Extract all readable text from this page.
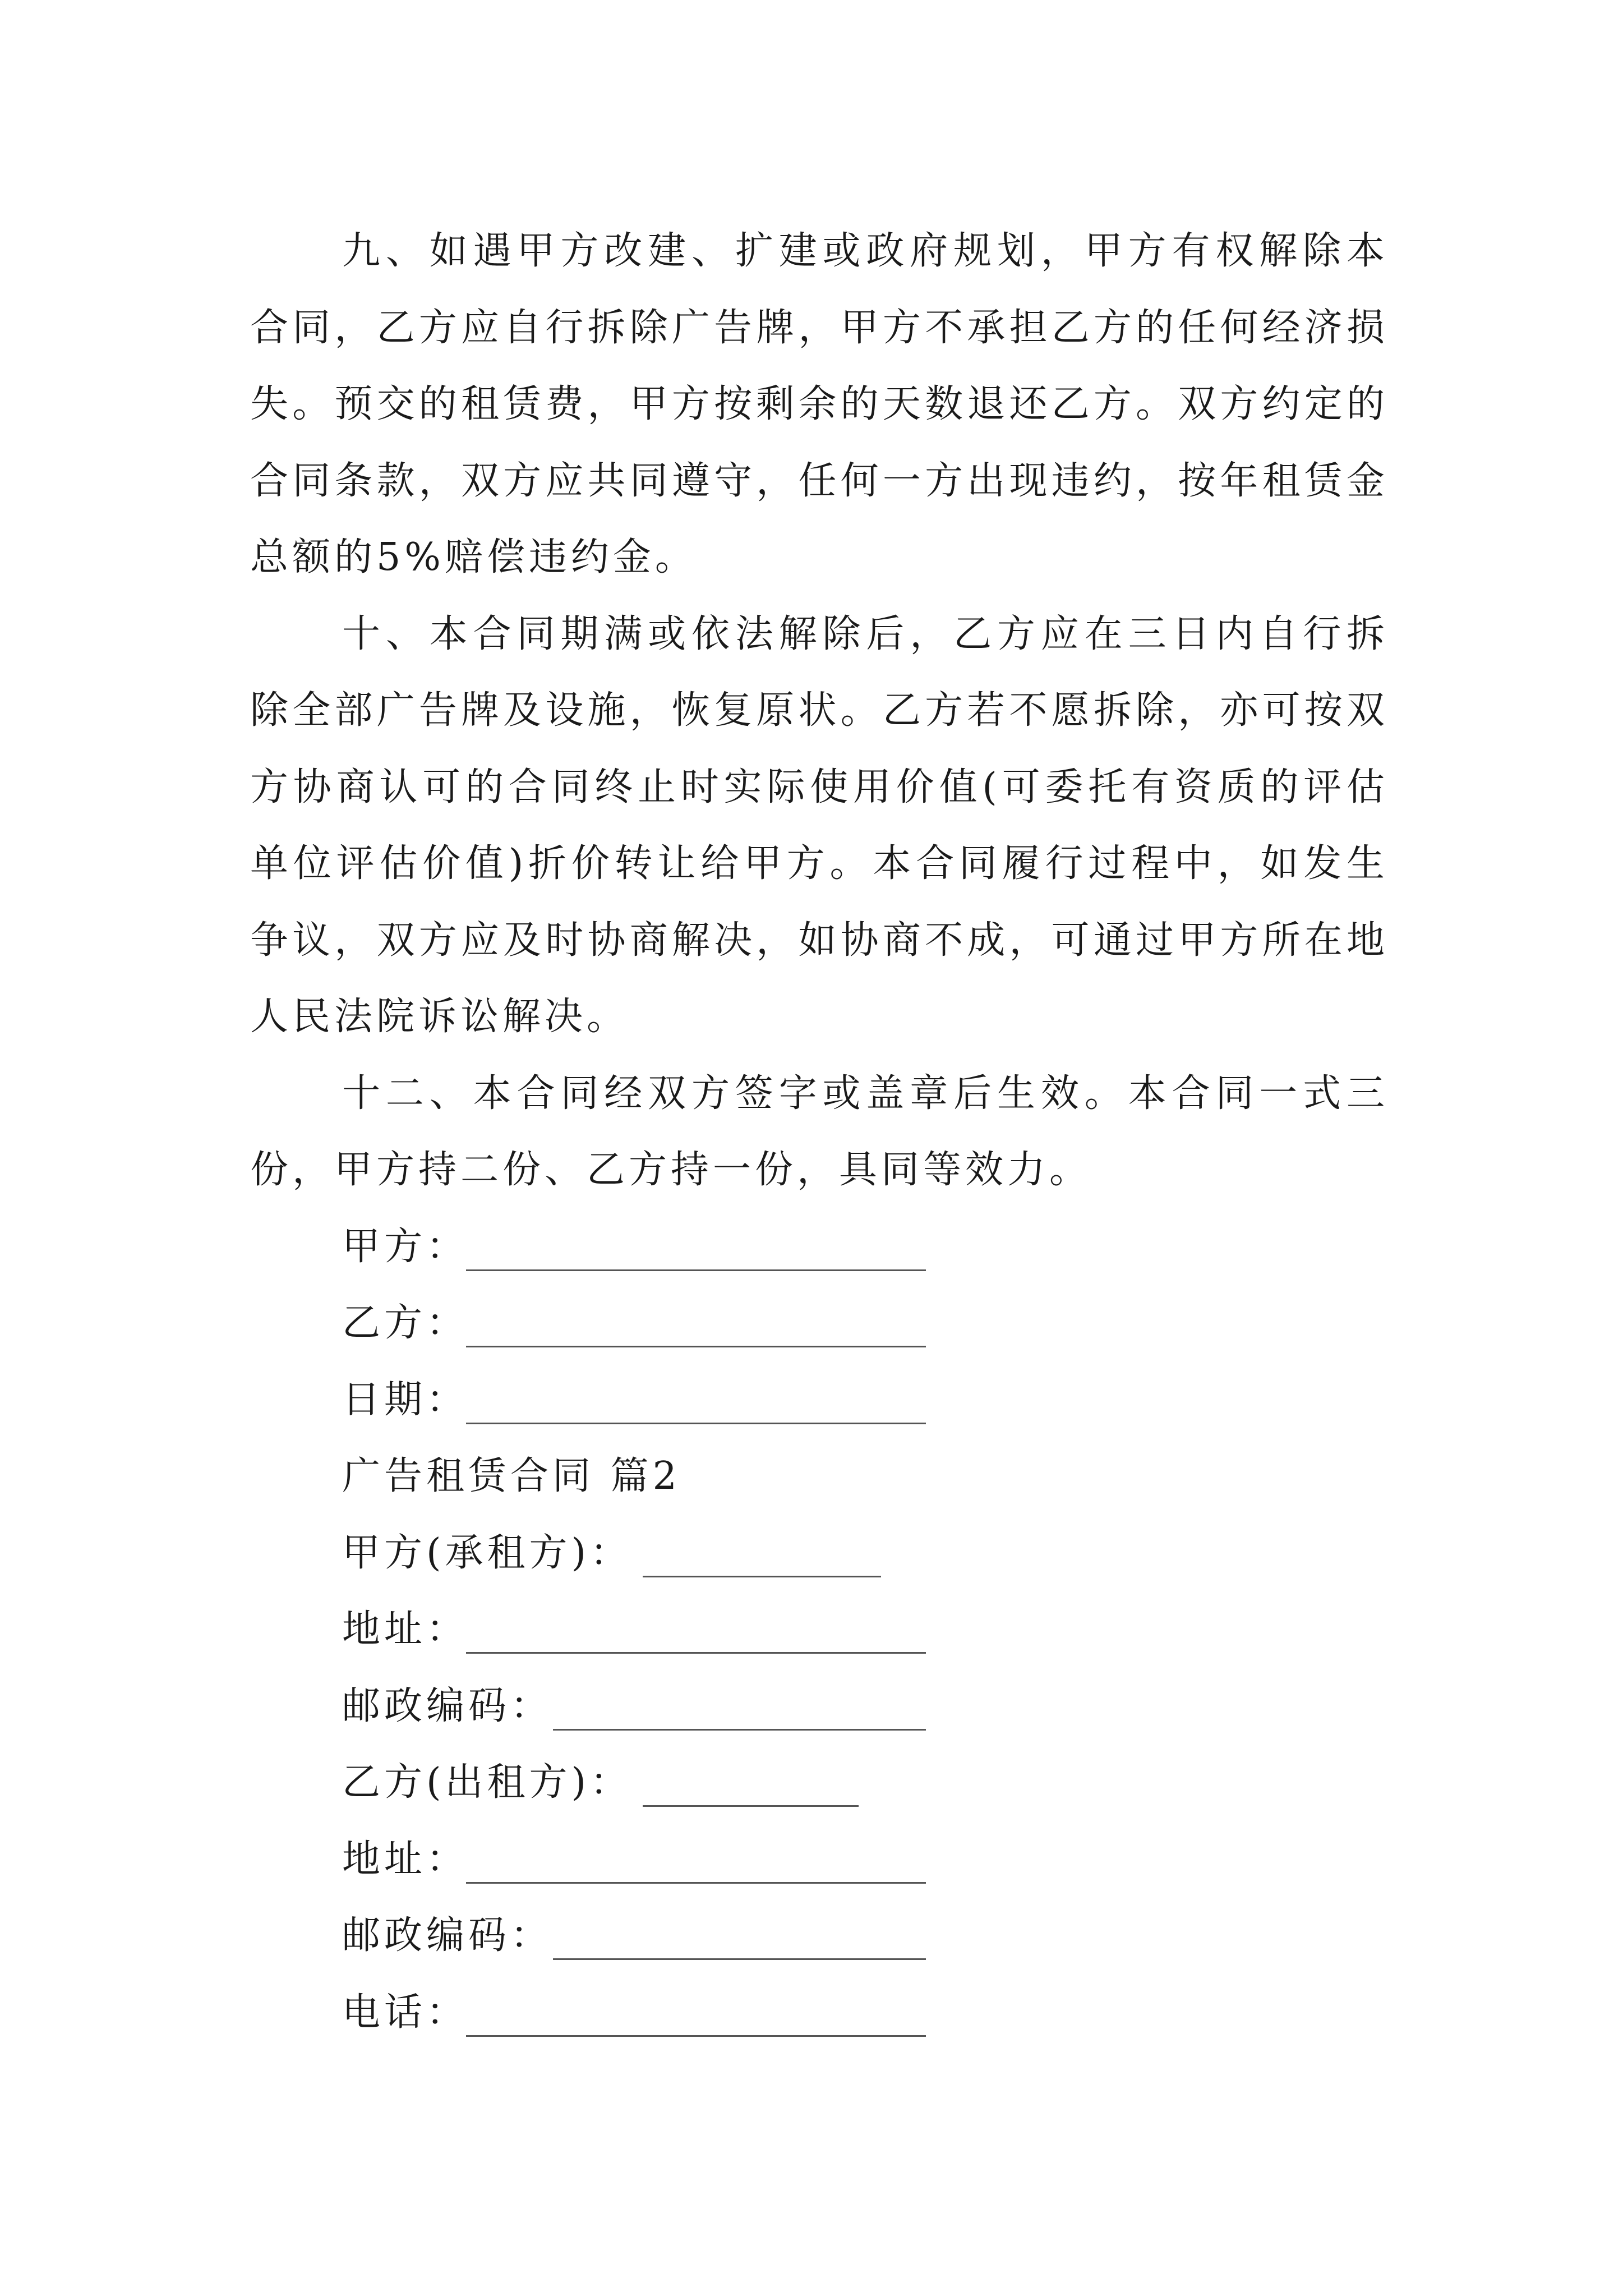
九、如遇甲方改建、扩建或政府规划，甲方有权解除本合同，乙方应自行拆除广告牌，甲方不承担乙方的任何经济损失。预交的租赁费，甲方按剩余的天数退还乙方。双方约定的合同条款，双方应共同遵守，任何一方出现违约，按年租赁金总额的5%赔偿违约金。

十、本合同期满或依法解除后，乙方应在三日内自行拆除全部广告牌及设施，恢复原状。乙方若不愿拆除，亦可按双方协商认可的合同终止时实际使用价值(可委托有资质的评估单位评估价值)折价转让给甲方。本合同履行过程中，如发生争议，双方应及时协商解决，如协商不成，可通过甲方所在地人民法院诉讼解决。

十二、本合同经双方签字或盖章后生效。本合同一式三份，甲方持二份、乙方持一份，具同等效力。

甲方：
乙方：
日期：
广告租赁合同 篇2
甲方(承租方)：
地址：
邮政编码：
乙方(出租方)：
地址：
邮政编码：
电话：
